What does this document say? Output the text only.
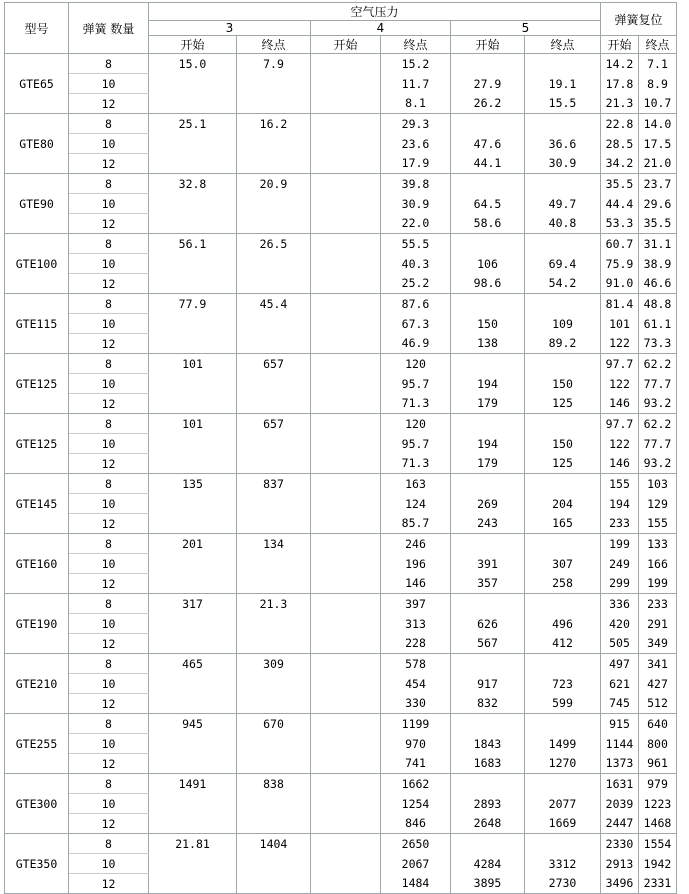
型号	弹簧 数量	空气压力						弹簧复位	
		3		4		5			
		开始	终点	开始	终点	开始	终点	开始	终点
GTE65	8	15.0	7.9		15.2			14.2	7.1
	10				11.7	27.9	19.1	17.8	8.9
	12				8.1	26.2	15.5	21.3	10.7
GTE80	8	25.1	16.2		29.3			22.8	14.0
	10				23.6	47.6	36.6	28.5	17.5
	12				17.9	44.1	30.9	34.2	21.0
GTE90	8	32.8	20.9		39.8			35.5	23.7
	10				30.9	64.5	49.7	44.4	29.6
	12				22.0	58.6	40.8	53.3	35.5
GTE100	8	56.1	26.5		55.5			60.7	31.1
	10				40.3	106	69.4	75.9	38.9
	12				25.2	98.6	54.2	91.0	46.6
GTE115	8	77.9	45.4		87.6			81.4	48.8
	10				67.3	150	109	101	61.1
	12				46.9	138	89.2	122	73.3
GTE125	8	101	657		120			97.7	62.2
	10				95.7	194	150	122	77.7
	12				71.3	179	125	146	93.2
GTE125	8	101	657		120			97.7	62.2
	10				95.7	194	150	122	77.7
	12				71.3	179	125	146	93.2
GTE145	8	135	837		163			155	103
	10				124	269	204	194	129
	12				85.7	243	165	233	155
GTE160	8	201	134		246			199	133
	10				196	391	307	249	166
	12				146	357	258	299	199
GTE190	8	317	21.3		397			336	233
	10				313	626	496	420	291
	12				228	567	412	505	349
GTE210	8	465	309		578			497	341
	10				454	917	723	621	427
	12				330	832	599	745	512
GTE255	8	945	670		1199			915	640
	10				970	1843	1499	1144	800
	12				741	1683	1270	1373	961
GTE300	8	1491	838		1662			1631	979
	10				1254	2893	2077	2039	1223
	12				846	2648	1669	2447	1468
GTE350	8	21.81	1404		2650			2330	1554
	10				2067	4284	3312	2913	1942
	12				1484	3895	2730	3496	2331
